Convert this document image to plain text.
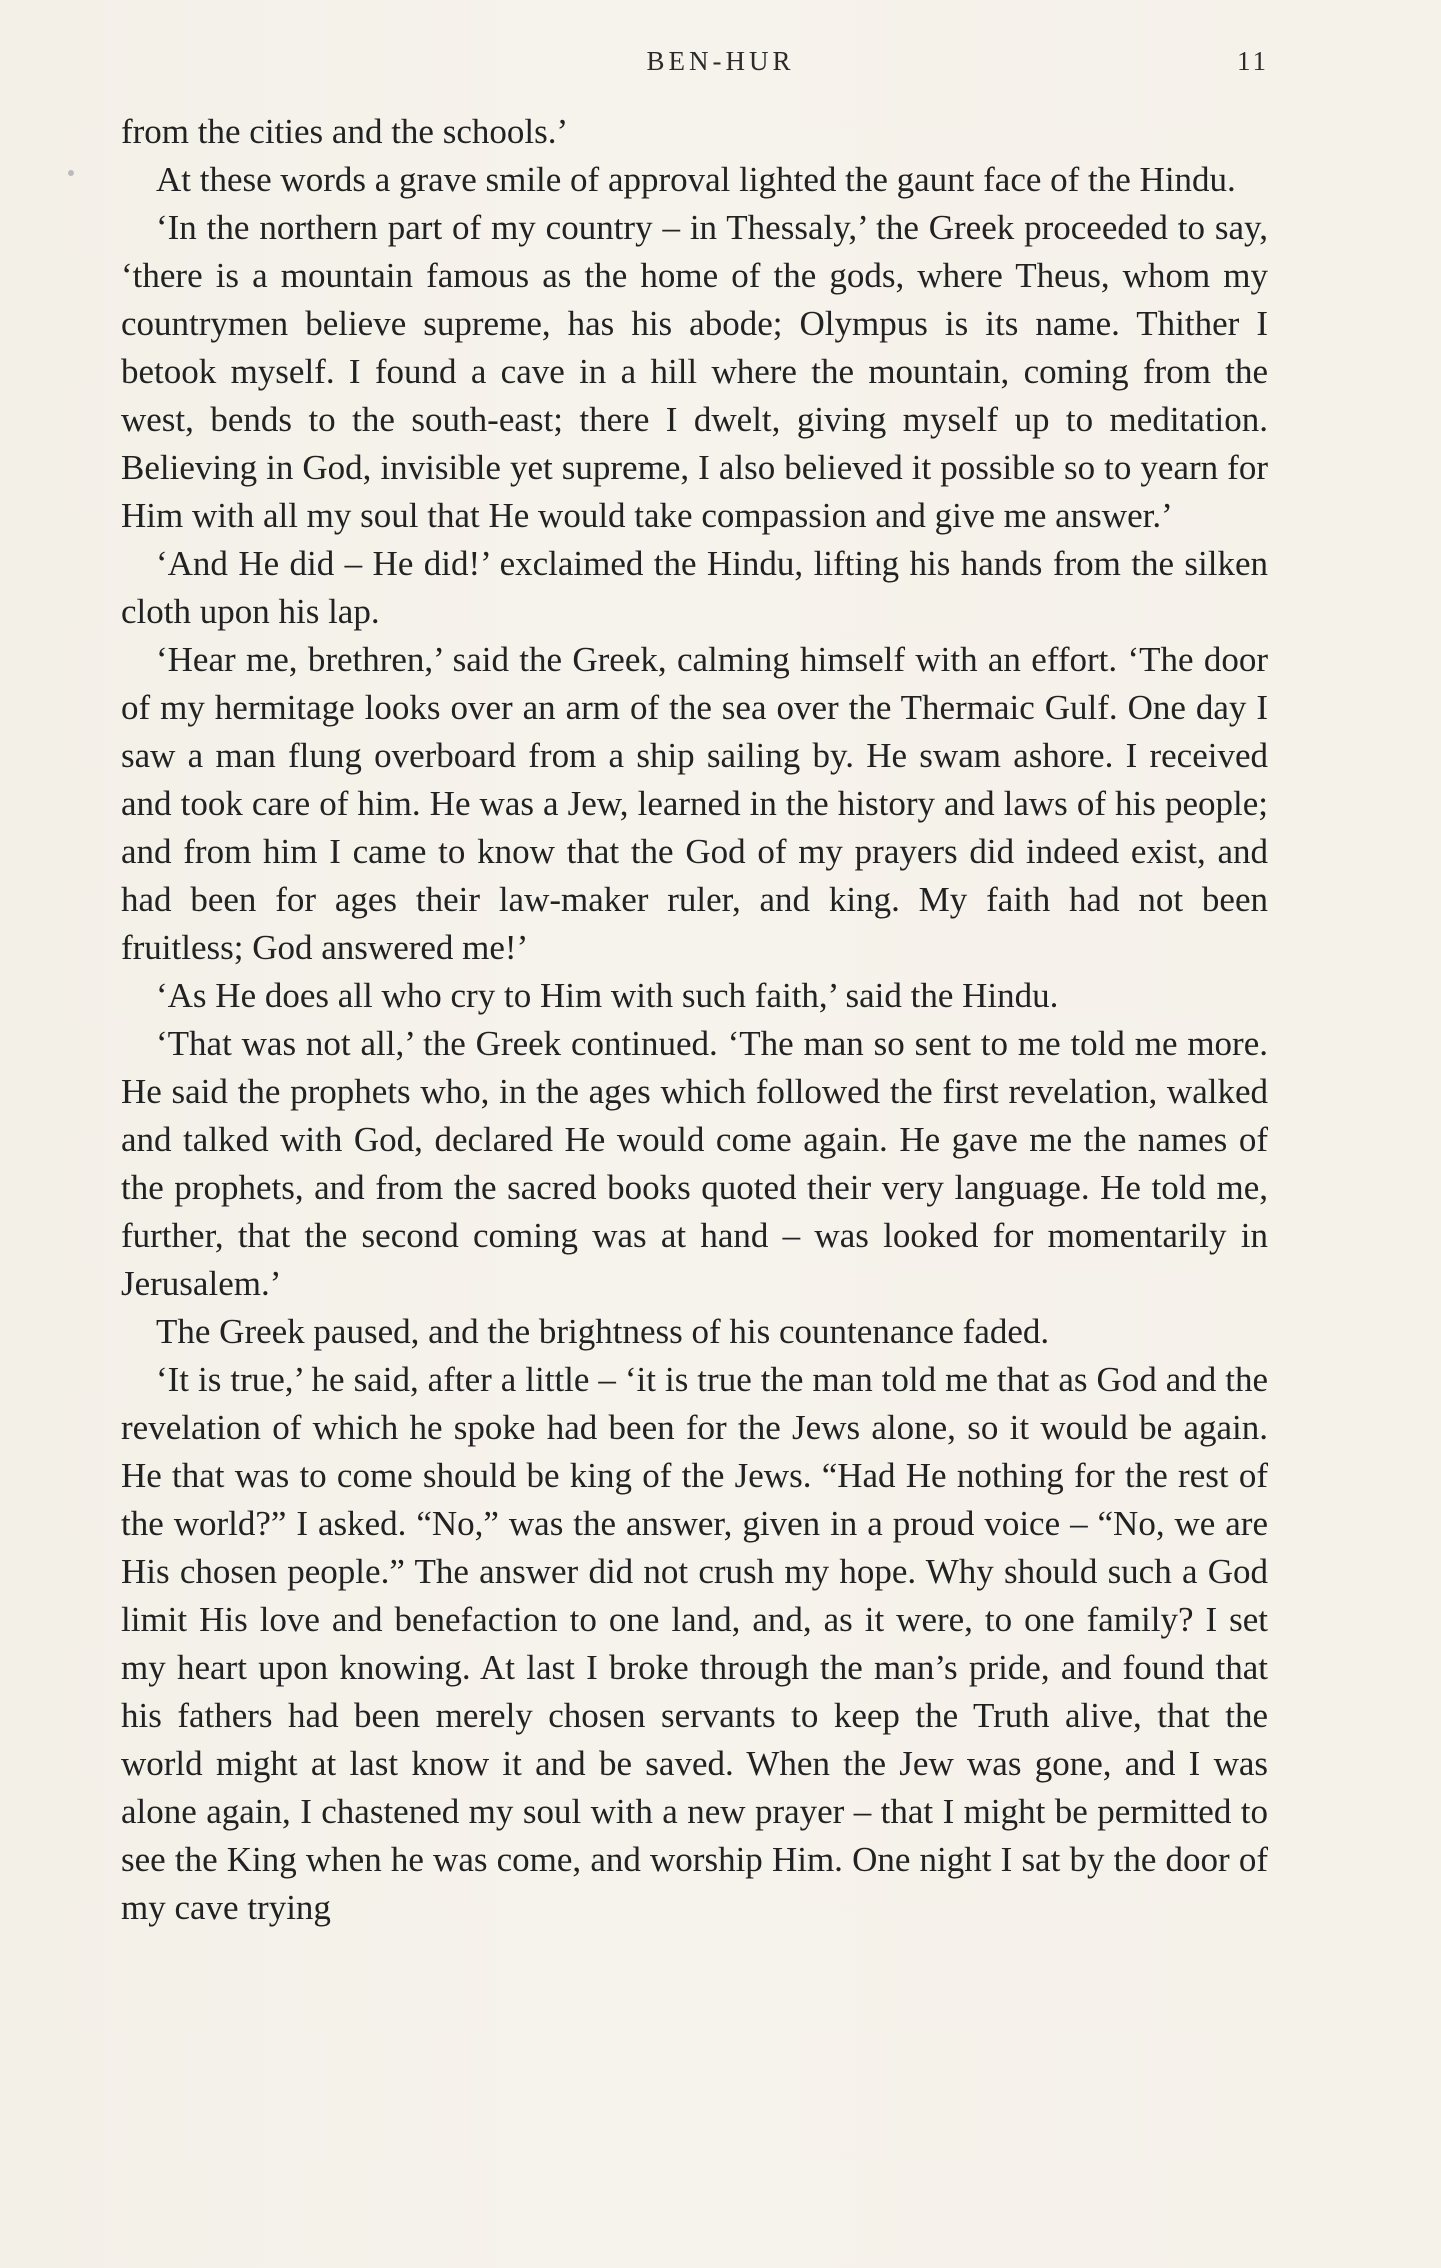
BEN-HUR	11

from the cities and the schools.’

At these words a grave smile of approval lighted the gaunt face of the Hindu.

‘In the northern part of my country – in Thessaly,’ the Greek proceeded to say, ‘there is a mountain famous as the home of the gods, where Theus, whom my countrymen believe supreme, has his abode; Olympus is its name. Thither I betook myself. I found a cave in a hill where the mountain, coming from the west, bends to the south-east; there I dwelt, giving myself up to meditation. Believing in God, invisible yet supreme, I also believed it possible so to yearn for Him with all my soul that He would take compassion and give me answer.’

‘And He did – He did!’ exclaimed the Hindu, lifting his hands from the silken cloth upon his lap.

‘Hear me, brethren,’ said the Greek, calming himself with an effort. ‘The door of my hermitage looks over an arm of the sea over the Thermaic Gulf. One day I saw a man flung overboard from a ship sailing by. He swam ashore. I received and took care of him. He was a Jew, learned in the history and laws of his people; and from him I came to know that the God of my prayers did indeed exist, and had been for ages their law-maker ruler, and king. My faith had not been fruitless; God answered me!’

‘As He does all who cry to Him with such faith,’ said the Hindu.

‘That was not all,’ the Greek continued. ‘The man so sent to me told me more. He said the prophets who, in the ages which followed the first revelation, walked and talked with God, declared He would come again. He gave me the names of the prophets, and from the sacred books quoted their very language. He told me, further, that the second coming was at hand – was looked for momentarily in Jerusalem.’

The Greek paused, and the brightness of his countenance faded.

‘It is true,’ he said, after a little – ‘it is true the man told me that as God and the revelation of which he spoke had been for the Jews alone, so it would be again. He that was to come should be king of the Jews. “Had He nothing for the rest of the world?” I asked. “No,” was the answer, given in a proud voice – “No, we are His chosen people.” The answer did not crush my hope. Why should such a God limit His love and benefaction to one land, and, as it were, to one family? I set my heart upon knowing. At last I broke through the man’s pride, and found that his fathers had been merely chosen servants to keep the Truth alive, that the world might at last know it and be saved. When the Jew was gone, and I was alone again, I chastened my soul with a new prayer – that I might be permitted to see the King when he was come, and worship Him. One night I sat by the door of my cave trying
